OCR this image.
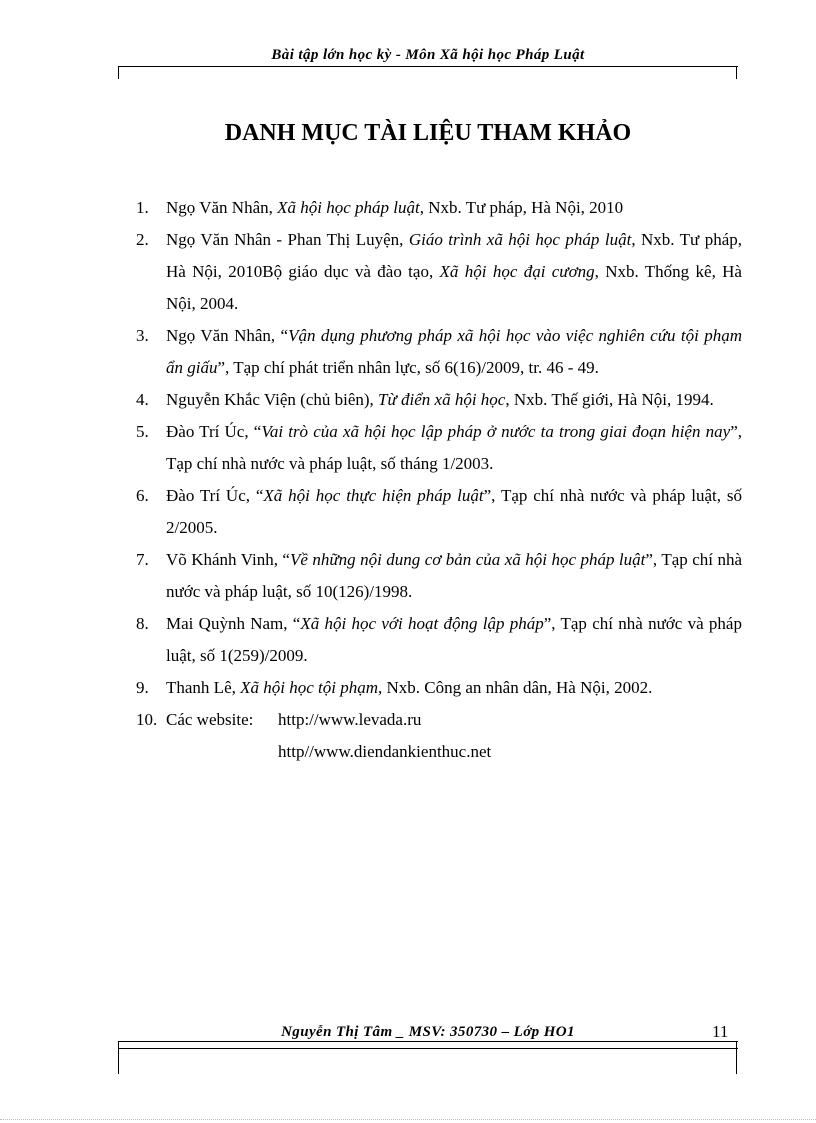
Bài tập lớn học kỳ - Môn Xã hội học Pháp Luật
DANH MỤC TÀI LIỆU THAM KHẢO
1.	Ngọ Văn Nhân, Xã hội học pháp luật, Nxb. Tư pháp, Hà Nội, 2010
2.	Ngọ Văn Nhân - Phan Thị Luyện, Giáo trình xã hội học pháp luật, Nxb. Tư pháp, Hà Nội, 2010Bộ giáo dục và đào tạo, Xã hội học đại cương, Nxb. Thống kê, Hà Nội, 2004.
3.	Ngọ Văn Nhân, “Vận dụng phương pháp xã hội học vào việc nghiên cứu tội phạm ẩn giấu”, Tạp chí phát triển nhân lực, số 6(16)/2009, tr. 46 - 49.
4.	Nguyễn Khắc Viện (chủ biên), Từ điển xã hội học, Nxb. Thế giới, Hà Nội, 1994.
5.	Đào Trí Úc, “Vai trò của xã hội học lập pháp ở nước ta trong giai đoạn hiện nay”, Tạp chí nhà nước và pháp luật, số tháng 1/2003.
6.	Đào Trí Úc, “Xã hội học thực hiện pháp luật”, Tạp chí nhà nước và pháp luật, số 2/2005.
7.	Võ Khánh Vinh, “Về những nội dung cơ bản của xã hội học pháp luật”, Tạp chí nhà nước và pháp luật, số 10(126)/1998.
8.	Mai Quỳnh Nam, “Xã hội học với hoạt động lập pháp”, Tạp chí nhà nước và pháp luật, số 1(259)/2009.
9.	Thanh Lê, Xã hội học tội phạm, Nxb. Công an nhân dân, Hà Nội, 2002.
10. Các website:	http://www.levada.ru
http//www.diendankienthuc.net
Nguyễn Thị Tâm _ MSV: 350730 – Lớp HO1	11
